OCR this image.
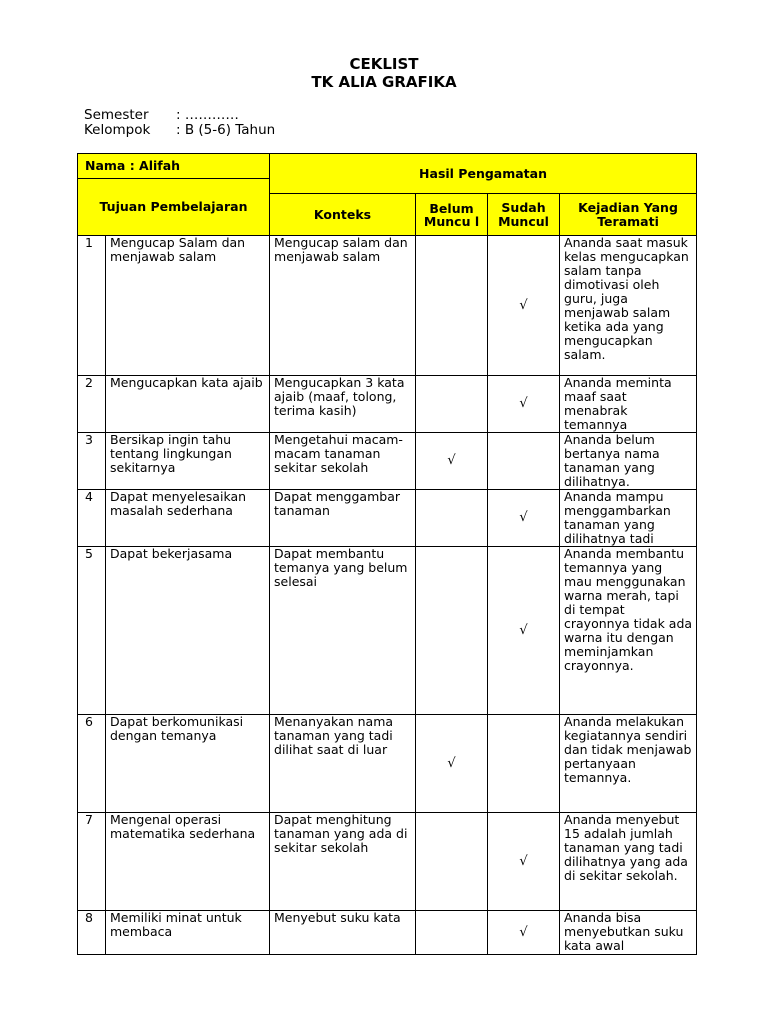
CEKLIST
TK ALIA GRAFIKA
Semester : …………
Kelompok : B (5-6) Tahun
Nama : Alifah		Hasil Pengamatan			
Tujuan Pembelajaran					
		Konteks	Belum Muncu l	Sudah Muncul	Kejadian Yang Teramati
1	Mengucap Salam dan menjawab salam	Mengucap salam dan menjawab salam		√	Ananda saat masuk kelas mengucapkan salam tanpa dimotivasi oleh guru, juga menjawab salam ketika ada yang mengucapkan salam.
2	Mengucapkan kata ajaib	Mengucapkan 3 kata ajaib (maaf, tolong, terima kasih)		√	Ananda meminta maaf saat menabrak temannya
3	Bersikap ingin tahu tentang lingkungan sekitarnya	Mengetahui macam-macam tanaman sekitar sekolah	√		Ananda belum bertanya nama tanaman yang dilihatnya.
4	Dapat menyelesaikan masalah sederhana	Dapat menggambar tanaman		√	Ananda mampu menggambarkan tanaman yang dilihatnya tadi
5	Dapat bekerjasama	Dapat membantu temanya yang belum selesai		√	Ananda membantu temannya yang mau menggunakan warna merah, tapi di tempat crayonnya tidak ada warna itu dengan meminjamkan crayonnya.
6	Dapat berkomunikasi dengan temanya	Menanyakan nama tanaman yang tadi dilihat saat di luar	√		Ananda melakukan kegiatannya sendiri dan tidak menjawab pertanyaan temannya.
7	Mengenal operasi matematika sederhana	Dapat menghitung tanaman yang ada di sekitar sekolah		√	Ananda menyebut 15 adalah jumlah tanaman yang tadi dilihatnya yang ada di sekitar sekolah.
8	Memiliki minat untuk membaca	Menyebut suku kata		√	Ananda bisa menyebutkan suku kata awal
